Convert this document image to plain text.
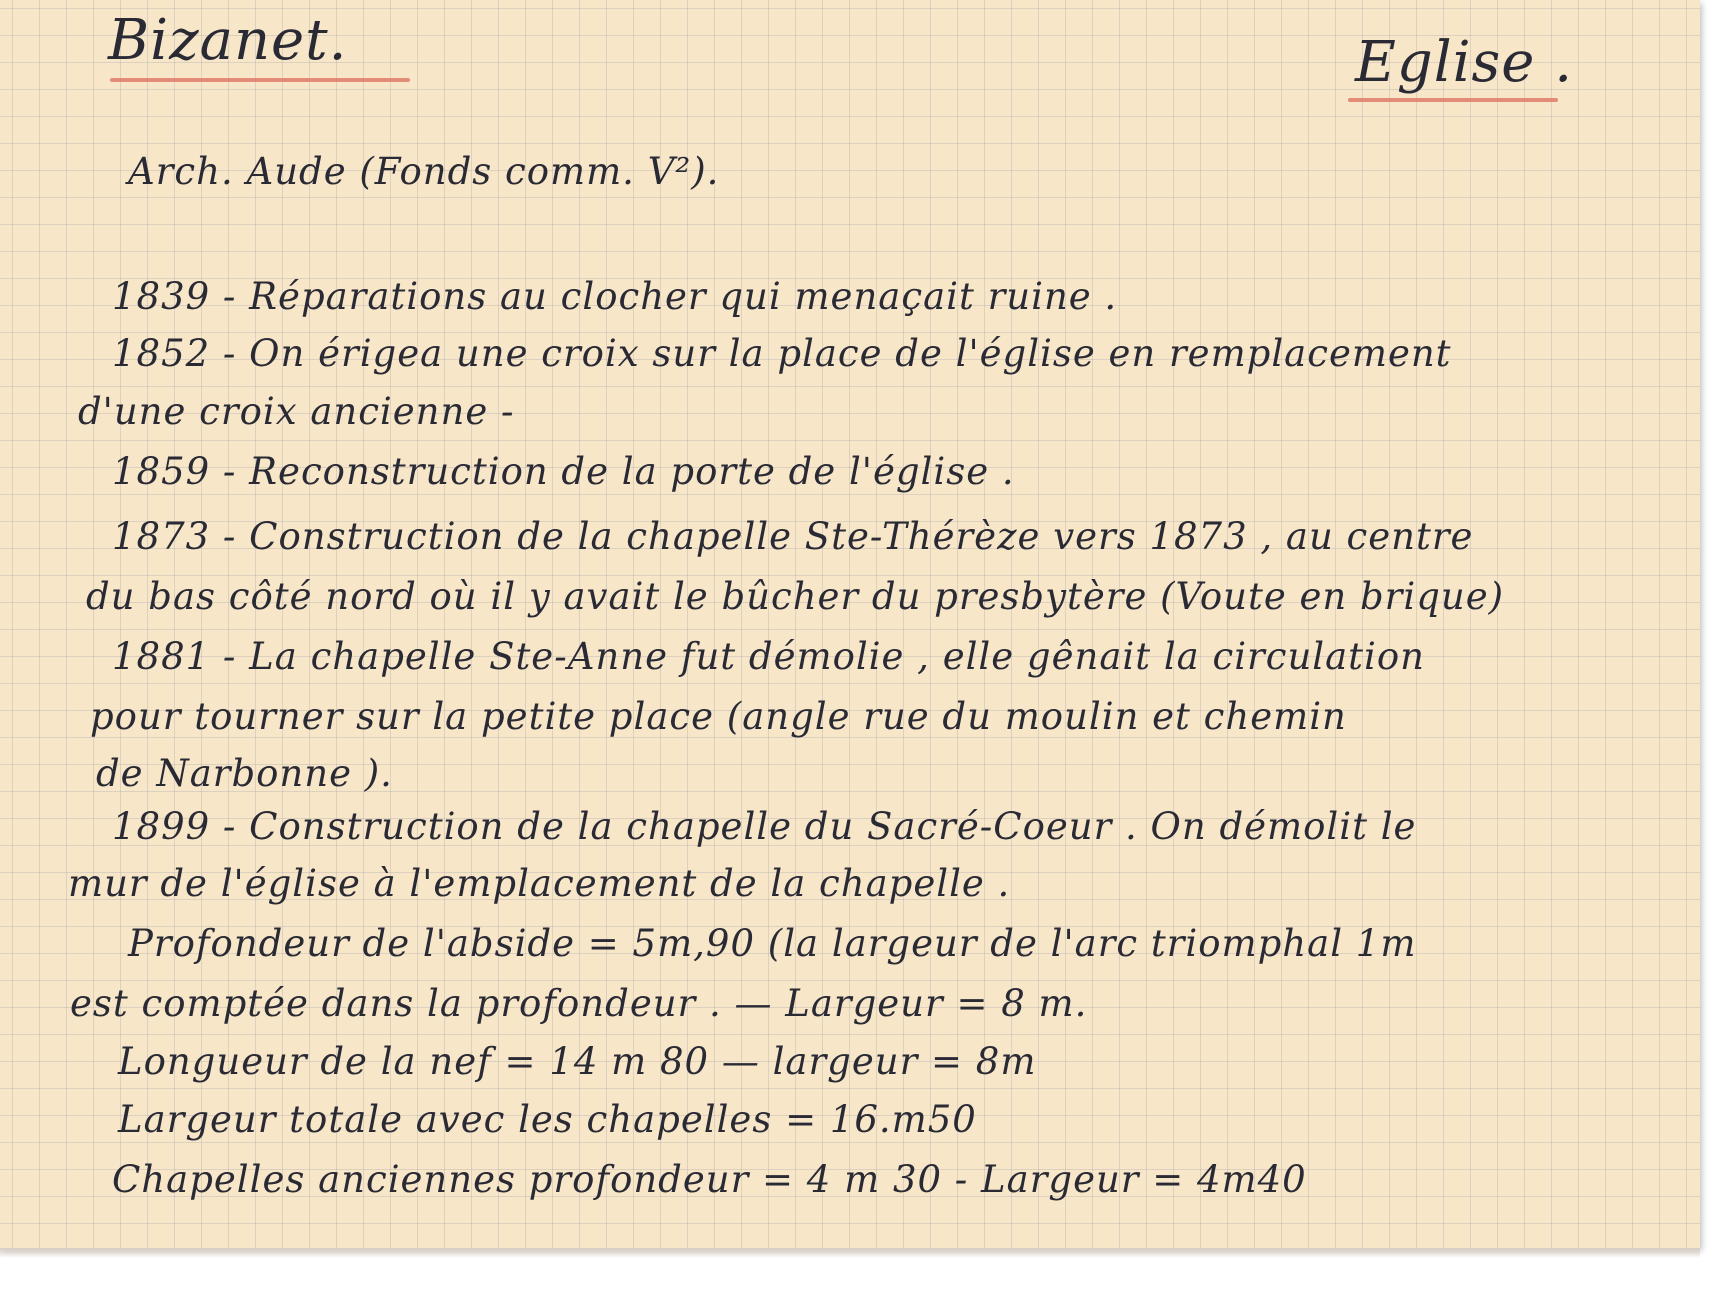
Bizanet.	Eglise .
Arch. Aude (Fonds comm. V²).
1839 - Réparations au clocher qui menaçait ruine .
1852 - On érigea une croix sur la place de l'église en remplacement
d'une croix ancienne -
1859 - Reconstruction de la porte de l'église .
1873 - Construction de la chapelle Ste-Thérèze vers 1873 , au centre
du bas côté nord où il y avait le bûcher du presbytère (Voute en brique)
1881 - La chapelle Ste-Anne fut démolie , elle gênait la circulation
pour tourner sur la petite place (angle rue du moulin et chemin
de Narbonne ).
1899 - Construction de la chapelle du Sacré-Coeur . On démolit le
mur de l'église à l'emplacement de la chapelle .
Profondeur de l'abside = 5m,90 (la largeur de l'arc triomphal 1m
est comptée dans la profondeur . — Largeur = 8 m.
Longueur de la nef = 14 m 80 — largeur = 8m
Largeur totale avec les chapelles = 16.m50
Chapelles anciennes profondeur = 4 m 30 - Largeur = 4m40
